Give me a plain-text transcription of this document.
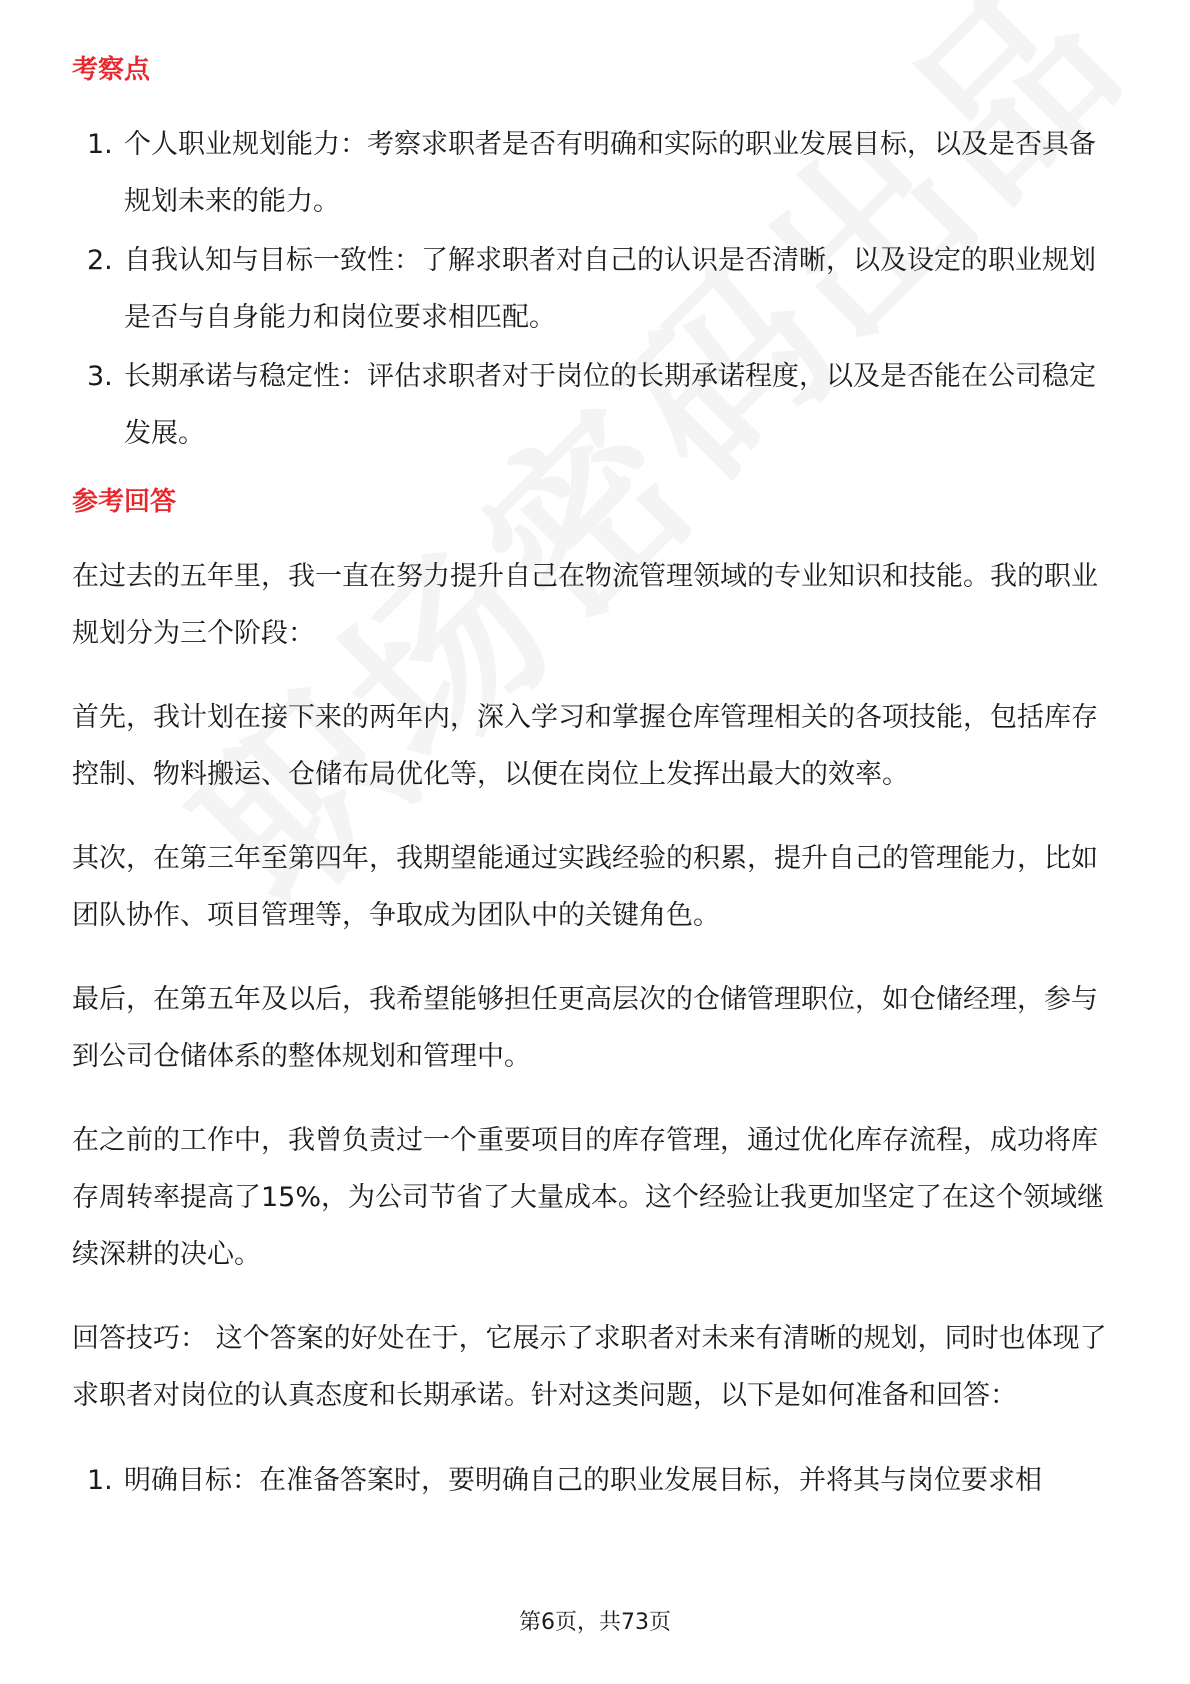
考察点
1. 个人职业规划能力：考察求职者是否有明确和实际的职业发展目标，以及是否具备规划未来的能力。
2. 自我认知与目标一致性：了解求职者对自己的认识是否清晰，以及设定的职业规划是否与自身能力和岗位要求相匹配。
3. 长期承诺与稳定性：评估求职者对于岗位的长期承诺程度，以及是否能在公司稳定发展。
参考回答

在过去的五年里，我一直在努力提升自己在物流管理领域的专业知识和技能。我的职业规划分为三个阶段：

首先，我计划在接下来的两年内，深入学习和掌握仓库管理相关的各项技能，包括库存控制、物料搬运、仓储布局优化等，以便在岗位上发挥出最大的效率。

其次，在第三年至第四年，我期望能通过实践经验的积累，提升自己的管理能力，比如团队协作、项目管理等，争取成为团队中的关键角色。

最后，在第五年及以后，我希望能够担任更高层次的仓储管理职位，如仓储经理，参与到公司仓储体系的整体规划和管理中。

在之前的工作中，我曾负责过一个重要项目的库存管理，通过优化库存流程，成功将库存周转率提高了15%，为公司节省了大量成本。这个经验让我更加坚定了在这个领域继续深耕的决心。

回答技巧： 这个答案的好处在于，它展示了求职者对未来有清晰的规划，同时也体现了求职者对岗位的认真态度和长期承诺。针对这类问题，以下是如何准备和回答：

1. 明确目标：在准备答案时，要明确自己的职业发展目标，并将其与岗位要求相
第6页，共73页
